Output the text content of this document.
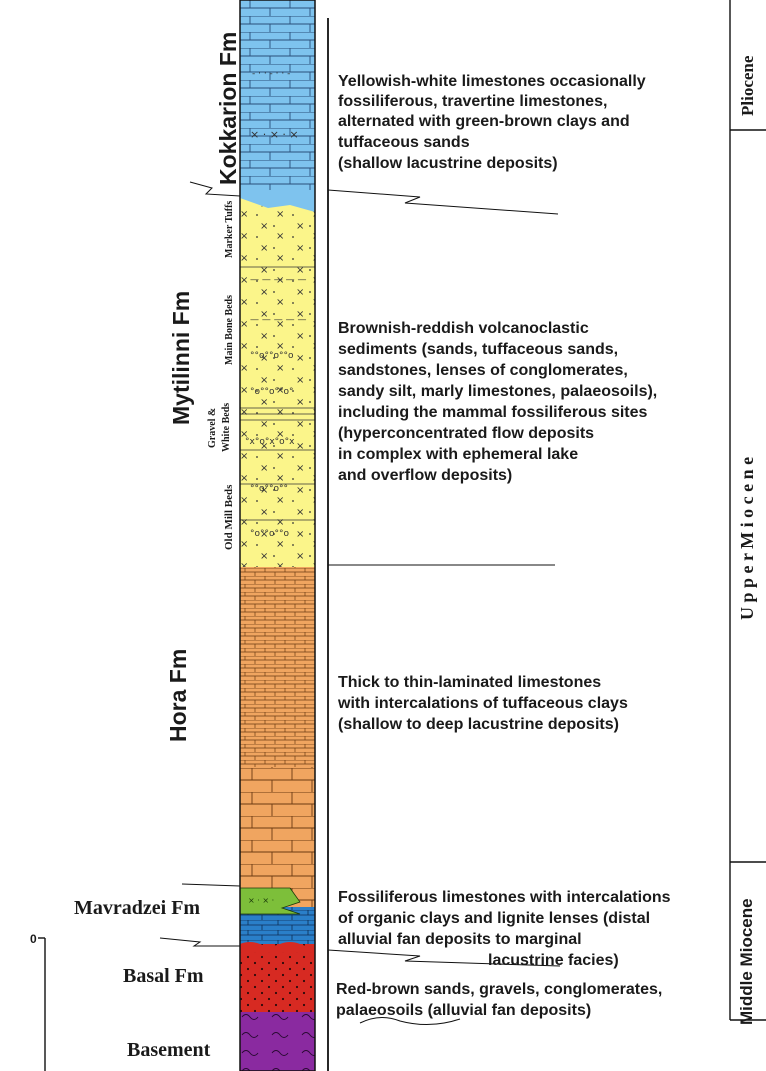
- · · - · · -
× · × · ×
°°o°°o°°o
°o°°o°°o°
°x°o°x°o°x
°°o°°o°°
°o°°o°°o
— — — — —
— — — — —
× · × ·
0
Kokkarion Fm
Mytilinni Fm
Hora Fm
Mavradzei Fm
Basal Fm
Basement
Marker Tuffs
Main Bone Beds
Gravel & White Beds
Old Mill Beds
Pliocene
U p p e r M i o c e n e
Middle Miocene
Yellowish-white limestones occasionally
fossiliferous, travertine limestones,
alternated with green-brown clays and
tuffaceous sands
(shallow lacustrine deposits)
Brownish-reddish volcanoclastic
sediments (sands, tuffaceous sands,
sandstones, lenses of conglomerates,
sandy silt, marly limestones, palaeosoils),
including the mammal fossiliferous sites
(hyperconcentrated flow deposits
in complex with ephemeral lake
and overflow deposits)
Thick to thin-laminated limestones
with intercalations of tuffaceous clays
(shallow to deep lacustrine deposits)
Fossiliferous limestones with intercalations
of organic clays and lignite lenses (distal
alluvial fan deposits to marginal
lacustrine facies)
Red-brown sands, gravels, conglomerates,
palaeosoils (alluvial fan deposits)
